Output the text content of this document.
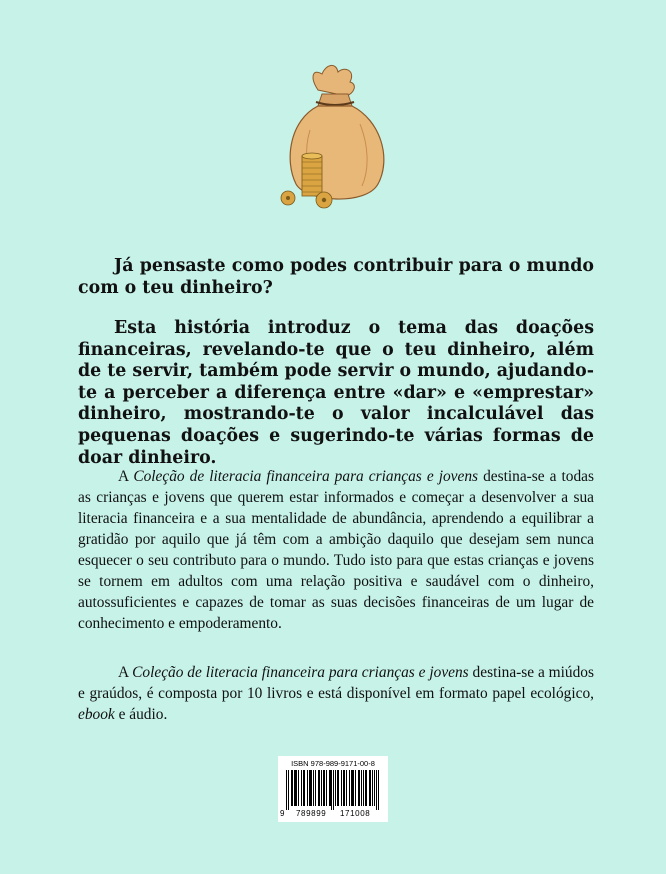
Já pensaste como podes contribuir para o mundo com o teu dinheiro?

Esta história introduz o tema das doações financeiras, revelando-te que o teu dinheiro, além de te servir, também pode servir o mundo, ajudando-te a perceber a diferença entre «dar» e «emprestar» dinheiro, mostrando-te o valor incalculável das pequenas doações e sugerindo-te várias formas de doar dinheiro.

A Coleção de literacia financeira para crianças e jovens destina-se a todas as crianças e jovens que querem estar informados e começar a desenvolver a sua literacia financeira e a sua mentalidade de abundância, aprendendo a equilibrar a gratidão por aquilo que já têm com a ambição daquilo que desejam sem nunca esquecer o seu contributo para o mundo. Tudo isto para que estas crianças e jovens se tornem em adultos com uma relação positiva e saudável com o dinheiro, autossuficientes e capazes de tomar as suas decisões financeiras de um lugar de conhecimento e empoderamento.

A Coleção de literacia financeira para crianças e jovens destina-se a miúdos e graúdos, é composta por 10 livros e está disponível em formato papel ecológico, ebook e áudio.

ISBN 978-989-9171-00-8
9 789899 171008
